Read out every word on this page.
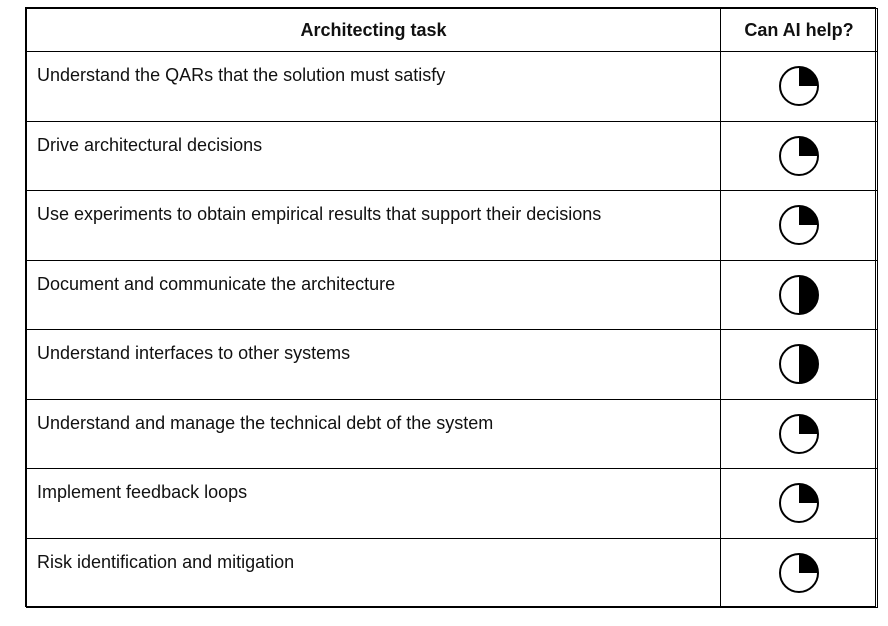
Architecting task	Can AI help?
Understand the QARs that the solution must satisfy	

Drive architectural decisions	

Use experiments to obtain empirical results that support their decisions	

Document and communicate the architecture	

Understand interfaces to other systems	

Understand and manage the technical debt of the system	

Implement feedback loops	

Risk identification and mitigation	
